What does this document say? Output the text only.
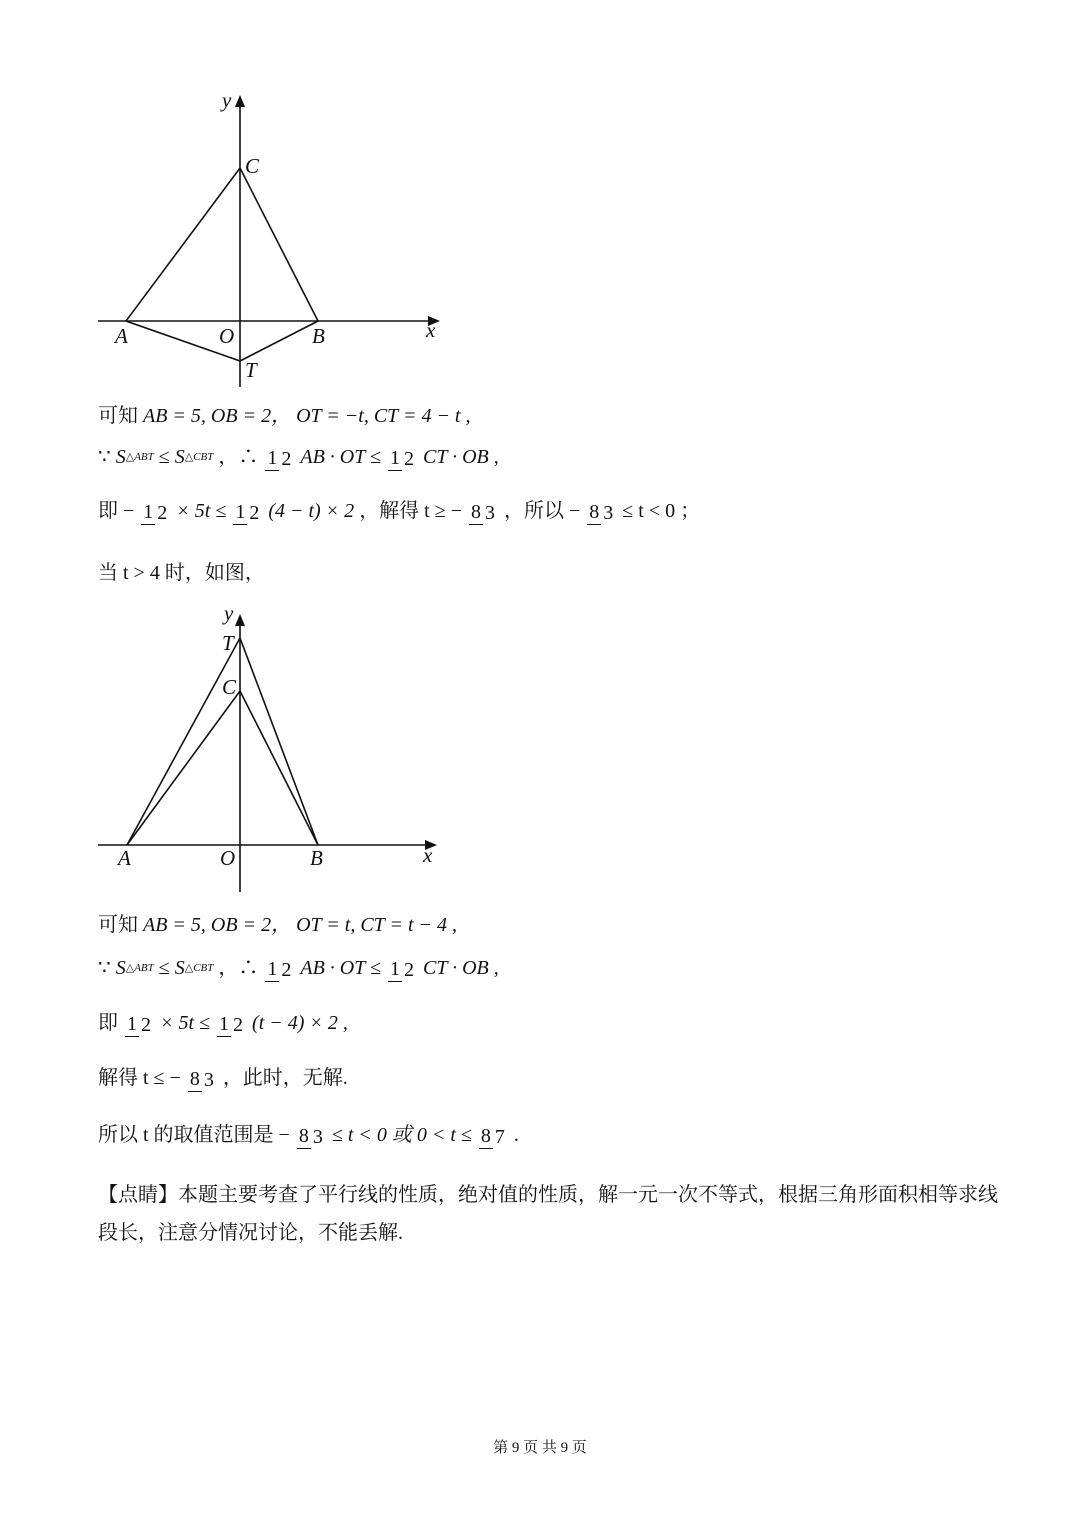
y
C
A	O	B	x
T
可知 AB = 5, OB = 2， OT = −t, CT = 4 − t ,
∵ S△ABT ≤ S△CBT ，∴ 1 2 AB · OT ≤ 1 2 CT · OB ,
即 − 1 2 × 5t ≤ 1 2 (4 − t) × 2 ，解得 t ≥ − 8 3 ，所以 − 8 3 ≤ t < 0 ；
当 t > 4 时，如图，
y
T
C
A	O	B	x
可知 AB = 5, OB = 2， OT = t, CT = t − 4 ,
∵ S△ABT ≤ S△CBT ，∴ 1 2 AB · OT ≤ 1 2 CT · OB ,
即 1 2 × 5t ≤ 1 2 (t − 4) × 2 ,
解得 t ≤ − 8 3 ，此时，无解.
所以 t 的取值范围是 − 8 3 ≤ t < 0 或 0 < t ≤ 8 7 .
【点睛】本题主要考查了平行线的性质，绝对值的性质，解一元一次不等式，根据三角形面积相等求线段长，注意分情况讨论，不能丢解.
第 9 页 共 9 页
